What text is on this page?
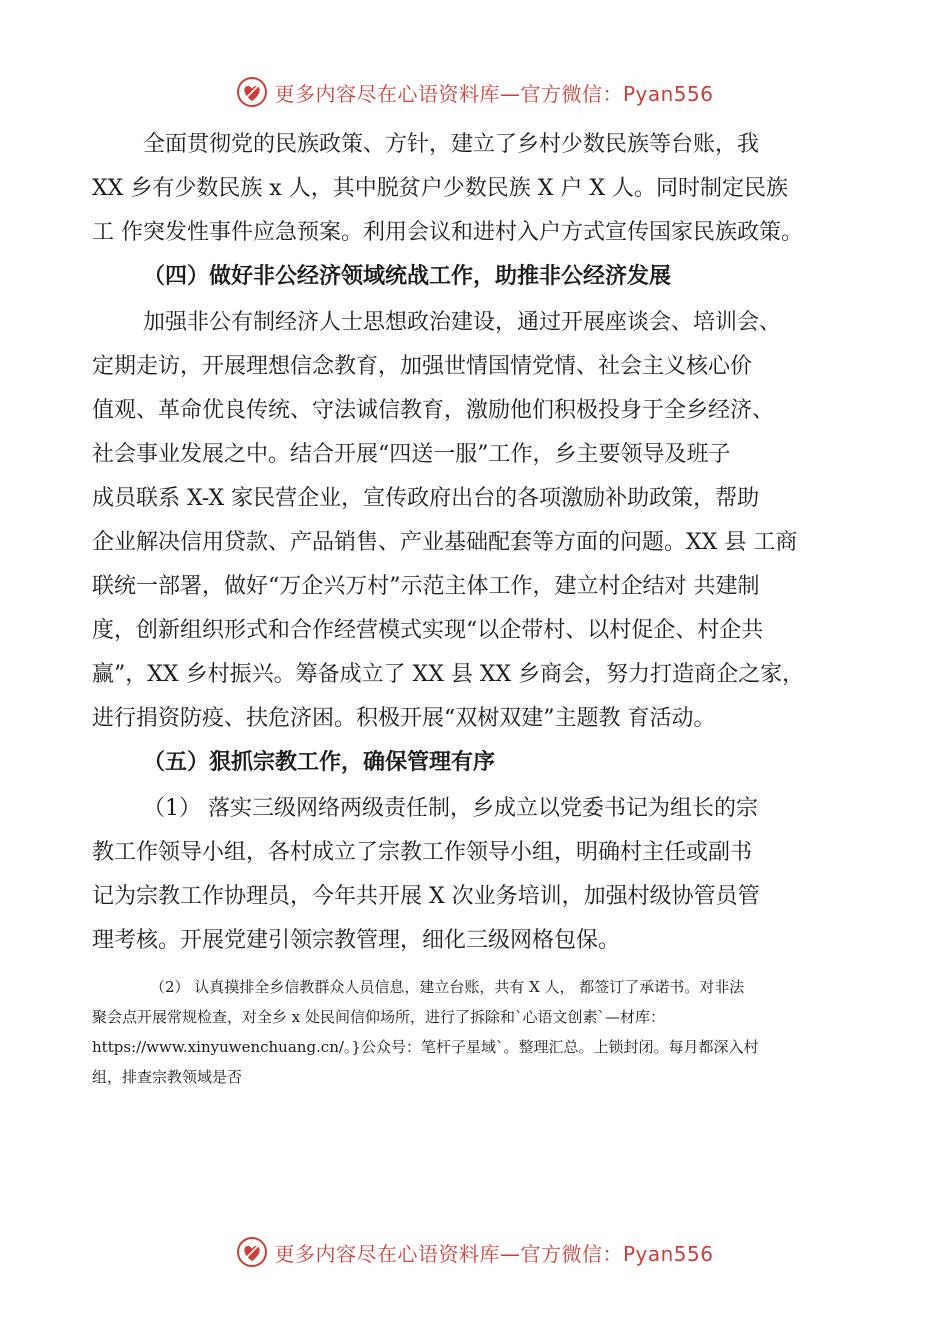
更多内容尽在心语资料库—官方微信：Pyan556
全面贯彻党的民族政策、方针，建立了乡村少数民族等台账，我
XX 乡有少数民族 x 人，其中脱贫户少数民族 X 户 X 人。同时制定民族
工 作突发性事件应急预案。利用会议和进村入户方式宣传国家民族政策。
（四）做好非公经济领域统战工作，助推非公经济发展
加强非公有制经济人士思想政治建设，通过开展座谈会、培训会、
定期走访，开展理想信念教育，加强世情国情党情、社会主义核心价
值观、革命优良传统、守法诚信教育，激励他们积极投身于全乡经济、
社会事业发展之中。结合开展“四送一服”工作，乡主要领导及班子
成员联系 X-X 家民营企业，宣传政府出台的各项激励补助政策，帮助
企业解决信用贷款、产品销售、产业基础配套等方面的问题。XX 县 工商
联统一部署，做好“万企兴万村”示范主体工作，建立村企结对 共建制
度，创新组织形式和合作经营模式实现“以企带村、以村促企、村企共
赢”，XX 乡村振兴。筹备成立了 XX 县 XX 乡商会，努力打造商企之家，
进行捐资防疫、扶危济困。积极开展“双树双建”主题教 育活动。
（五）狠抓宗教工作，确保管理有序
（1） 落实三级网络两级责任制，乡成立以党委书记为组长的宗
教工作领导小组，各村成立了宗教工作领导小组，明确村主任或副书
记为宗教工作协理员，今年共开展 X 次业务培训，加强村级协管员管
理考核。开展党建引领宗教管理，细化三级网格包保。
（2） 认真摸排全乡信教群众人员信息，建立台账，共有 X 人， 都签订了承诺书。对非法
聚会点开展常规检查，对全乡 x 处民间信仰场所，进行了拆除和`心语文创素`—材库：
https://www.xinyuwenchuang.cn/。}公众号：笔杆子星域`。整理汇总。上锁封闭。每月都深入村
组，排查宗教领域是否
更多内容尽在心语资料库—官方微信：Pyan556
